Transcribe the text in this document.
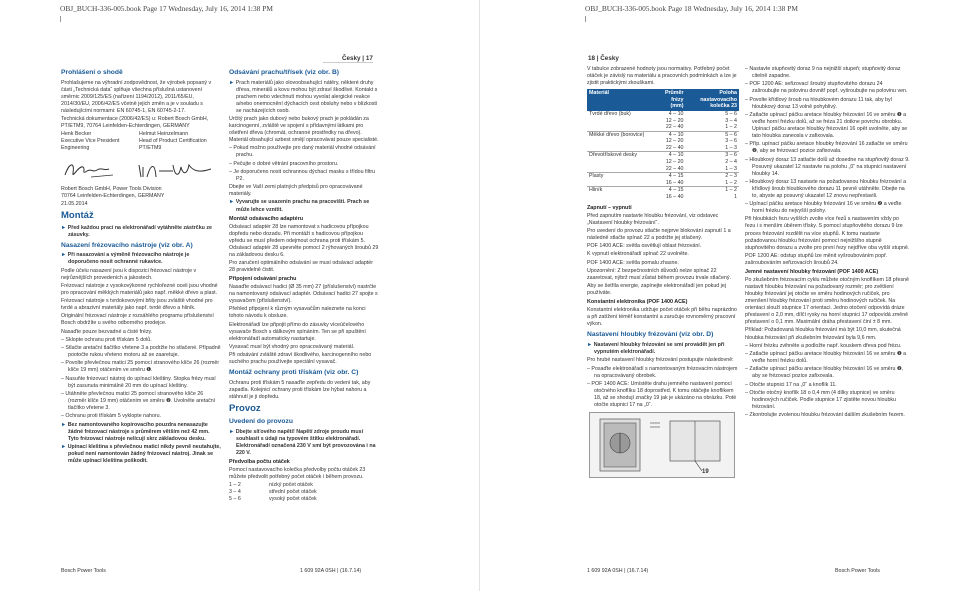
OBJ_BUCH-336-005.book Page 17 Wednesday, July 16, 2014 1:38 PM
Česky | 17
Prohlášení o shodě

Prohlašujeme na výhradní zodpovědnost, že výrobek popsaný v části „Technická data“ splňuje všechna příslušná ustanovení směrnic 2009/125/ES (nařízení 1194/2012), 2011/65/EU, 2014/30/EU, 2006/42/ES včetně jejich změn a je v souladu s následujícími normami: EN 60745-1, EN 60745-2-17.

Technická dokumentace (2006/42/ES) u: Robert Bosch GmbH, PT/ETM9, 70764 Leinfelden-Echterdingen, GERMANY

Henk Becker
Executive Vice President
Engineering
Helmut Heinzelmann
Head of Product Certification
PT/ETM9

Robert Bosch GmbH, Power Tools Division

70764 Leinfelden-Echterdingen, GERMANY

21.05.2014

Montáž

► Před každou prací na elektronářadí vytáhněte zástrčku ze zásuvky.

Nasazení frézovacího nástroje (viz obr. A)

► Při nasazování a výměně frézovacího nástroje je doporučeno nosit ochranné rukavice.

Podle účelu nasazení jsou k dispozici frézovací nástroje v nejrůznějších provedeních a jakostech.

Frézovací nástroje z vysokovýkonné rychlořezné oceli jsou vhodné pro opracování měkkých materiálů jako např. měkké dřevo a plast.

Frézovací nástroje s tvrdokovovými břity jsou zvláště vhodné pro tvrdé a abrazivní materiály jako např. tvrdé dřevo a hliník.

Originální frézovací nástroje z rozsáhlého programu příslušenství Bosch obdržíte u svého odborného prodejce.

Nasaďte pouze bezvadné a čisté frézy.

– Sklopte ochranu proti třískám 5 dolů.

– Stlačte aretační tlačítko vřetene 3 a podržte ho stlačené. Případně pootočte rukou vřeteno motoru až se zaaretuje.

– Povolte převlečnou matici 25 pomocí stranového klíče 26 (rozměr klíče 19 mm) otáčením ve směru ❶.

– Nasuňte frézovací nástroj do upínací kleštiny. Stopka frézy musí být zasunuta minimálně 20 mm do upínací kleštiny.

– Utáhněte převlečnou matici 25 pomocí stranového klíče 26 (rozměr klíče 19 mm) otáčením ve směru ❷. Uvolněte aretační tlačítko vřetene 3.

– Ochranu proti třískám 5 vyklopte nahoru.

► Bez namontovaného kopírovacího pouzdra nenasazujte žádné frézovací nástroje s průměrem větším než 42 mm. Tyto frézovací nástroje nelícují skrz základovou desku.

► Upínací kleština s převlečnou maticí nikdy pevně neutahujte, pokud není namontován žádný frézovací nástroj. Jinak se může upínací kleština poškodit.

Odsávání prachu/třísek (viz obr. B)

► Prach materiálů jako olovoobsahující nátěry, některé druhy dřeva, minerálů a kovu mohou být zdraví škodlivé. Kontakt s prachem nebo vdechnutí mohou vyvolat alergické reakce a/nebo onemocnění dýchacích cest obsluhy nebo v blízkosti se nacházejících osob.

Určitý prach jako dubový nebo bukový prach je pokládán za karcinogenní, zvláště ve spojení s přídavnými látkami pro ošetření dřeva (chromát, ochranné prostředky na dřevo). Materiál obsahující azbest smějí opracovávat pouze specialisté.

– Pokud možno používejte pro daný materiál vhodné odsávání prachu.

– Pečujte o dobré větrání pracovního prostoru.

– Je doporučeno nosit ochrannou dýchací masku s třídou filtru P2.

Dbejte ve Vaší zemi platných předpisů pro opracovávané materiály.

► Vyvarujte se usazenin prachu na pracovišti. Prach se může lehce vznítit.

Montáž odsávacího adaptéru

Odsávací adaptér 28 lze namontovat s hadicovou přípojkou dopředu nebo dozadu. Při montáži s hadicovou přípojkou vpředu se musí předem odejmout ochrana proti třískám 5. Odsávací adaptér 28 upevněte pomocí 2 rýhovaných šroubů 29 na základovou desku 6.

Pro zaručení optimálního odsávání se musí odsávací adaptér 28 pravidelně čistit.

Připojení odsávání prachu

Nasaďte odsávací hadici (Ø 35 mm) 27 (příslušenství) nastrčte na namontovaný odsávací adaptér. Odsávací hadici 27 spojte s vysavačem (příslušenství).

Přehled připojení k různým vysavačům naleznete na konci tohoto návodu k obsluze.

Elektronářadí lze připojit přímo do zásuvky víceúčelového vysavače Bosch s dálkovým spínáním. Ten se při spuštění elektronářadí automaticky nastartuje.

Vysavač musí být vhodný pro opracovávaný materiál.

Při odsávání zvláště zdraví škodlivého, karcinogenního nebo suchého prachu používejte speciální vysavač.

Montáž ochrany proti třískám (viz obr. C)

Ochranu proti třískám 5 nasaďte zepředu do vedení tak, aby zapadla. Kolejnicí ochrany proti třískám lze hýbat nahoru a stáhnutí je ji dopředu.

Provoz
Uvedení do provozu

► Dbejte síťového napětí! Napětí zdroje proudu musí souhlasit s údaji na typovém štítku elektronářadí. Elektronářadí označená 230 V smí být provozována i na 220 V.

Předvolba počtu otáček

Pomocí nastavovacího kolečka předvolby počtu otáček 23 můžete předvolit potřebný počet otáček i během provozu.

1 – 2	nízký počet otáček
3 – 4	střední počet otáček
5 – 6	vysoký počet otáček
Bosch Power Tools	1 609 92A 0SH | (16.7.14)
OBJ_BUCH-336-005.book Page 18 Wednesday, July 16, 2014 1:38 PM
18 | Česky

V tabulce zobrazené hodnoty jsou normativy. Potřebný počet otáček je závislý na materiálu a pracovních podmínkách a lze je zjistit praktickými zkouškami.

Materiál	Průměr frézy (mm)	Poloha nastavovacího kolečka 23
Tvrdé dřevo (buk)	4 – 10	5 – 6
	12 – 20	3 – 4
	22 – 40	1 – 2
Měkké dřevo (borovice)	4 – 10	5 – 6
	12 – 20	3 – 6
	22 – 40	1 – 3
Dřevotřískové desky	4 – 10	3 – 6
	12 – 20	2 – 4
	22 – 40	1 – 3
Plasty	4 – 15	2 – 3
	16 – 40	1 – 2
Hliník	4 – 15	1 – 2
	16 – 40	1
Zapnutí – vypnutí

Před zapnutím nastavte hloubku frézování, viz odstavec „Nastavení hloubky frézování“.

Pro uvedení do provozu stlačte nejprve blokování zapnutí 1 a následně stlačte spínač 22 a podržte jej stlačený.

POF 1400 ACE: světla osvětlují oblast frézování.

K vypnutí elektronářadí spínač 22 uvolněte.

POF 1400 ACE: světla pomalu zhasne.

Upozornění: Z bezpečnostních důvodů nelze spínač 22 zaaretovat, nýbrž musí zůstat během provozu trvale stlačený.

Aby se šetřila energie, zapínejte elektronářadí jen pokud jej používáte.

Konstantní elektronika (POF 1400 ACE)

Konstantní elektronika udržuje počet otáček při běhu naprázdno a při zatížení téměř konstantní a zaručuje rovnoměrný pracovní výkon.

Nastavení hloubky frézování (viz obr. D)

► Nastavení hloubky frézování se smí provádět jen při vypnutém elektronářadí.

Pro hrubé nastavení hloubky frézování postupujte následovně:

– Posaďte elektronářadí s namontovaným frézovacím nástrojem na opracovávaný obrobek.

– POF 1400 ACE: Umístěte drahu jemného nastavení pomocí otočného knoflíku 18 doprostřed. K tomu otáčejte knoflíkem 18, až se shodují značky 19 jak je ukázáno na obrázku. Poté otočte stupnici 17 na „0“.

19

– Nastavte stupňovitý doraz 9 na nejnižší stupeň; stupňovitý doraz citelně zapadne.

– POF 1200 AE: seřizovací šroubý stupňovitého dorazu 24 zašroubujte na polovinu dovnitř popř. vyšroubujte na polovinu ven.

– Povolte křídlový šroub na hloubkovém dorazu 11 tak, aby byl hloubkový doraz 13 volně pohyblivý.

– Zatlačte upínací páčku aretace hloubky frézování 16 ve směru ❶ a veďte horní frézku dolů, až se fréza 21 dotkne povrchu obrobku. Upínací páčku aretace hloubky frézování 16 opět uvolněte, aby se tato hloubka zaneosla v zafixovala.

– Příp. upínací páčku aretace hloubky frézování 16 zatlačte ve směru ❷, aby se frézovací pozice zafixovala.

– Hloubkový doraz 13 zatlačte dolů až dosedne na stupňovitý doraz 9. Posuvný ukazatel 12 nastavte na polohu „0“ na stupnici nastavení hloubky 14.

– Hloubkový doraz 13 nastavte na požadovanou hloubku frézování a křídlový šroub hloubkového dorazu 11 pevně utáhněte. Dbejte na to, abyste ap posuvný ukazatel 12 znovu nepřestavili.

– Upínací páčku aretace hloubky frézování 16 ve směru ❷ a veďte horní frézku do nejvyšší polohy.

Při hloubkách řezu vyšších zvolte více řezů s nastavením vždy po řezu i s menším úběrem třísky. S pomocí stupňovitého dorazu 9 lze proces frézování rozdělit na více stupňů. K tomu nastavte požadovanou hloubku frézování pomocí nejnižšího stupně stupňovitého dorazu a zvolte pro první řezy nejdříve oba vyšší stupně.

POF 1200 AE: odstup stupňů lze měnit vyšroubováním popř. zašroubováním seřizovacích šroubů 24.

Jemné nastavení hloubky frézování (POF 1400 ACE)

Po zkušebním frézovacím cyklu můžete otočným knoflíkem 18 přesně nastavit hloubku frézování na požadovaný rozměr; pro zvětšení hloubky frézování jej otočte ve směru hodinových ručiček, pro zmenšení hloubky frézování proti směru hodinových ručiček. Na orientaci slouží stupnice 17 orientaci. Jedno otočení odpovídá dráze přestavení o 2,0 mm, dílčí rysky na horní stupnici 17 odpovídá změně přestavení o 0,1 mm. Maximální dráha přestavení činí ± 8 mm.

Příklad: Požadovaná hloubka frézování má být 10,0 mm, skutečná hloubka frézování při zkušebním frézování byla 9,6 mm.

– Horní frézku zvihněte a podložte např. kouskem dřeva pod frézu.

– Zatlačte upínací páčku aretace hloubky frézování 16 ve směru ❶ a veďte horní frézku dolů.

– Zatlačte upínací páčku aretace hloubky frézování 16 ve směru ❷, aby se frézovací pozice zafixovala.

– Otočte stupnici 17 na „0“ a knoflík 11.

– Otočte otočný knoflík 18 o 0,4 mm (4 dílky stupnice) ve směru hodinových ručiček. Podle stupnice 17 zjistěte novou hloubku frézování.

– Zkontrolujte zvolenou hloubku frézování dalším zkušebním řezem.

1 609 92A 0SH | (16.7.14)	Bosch Power Tools
